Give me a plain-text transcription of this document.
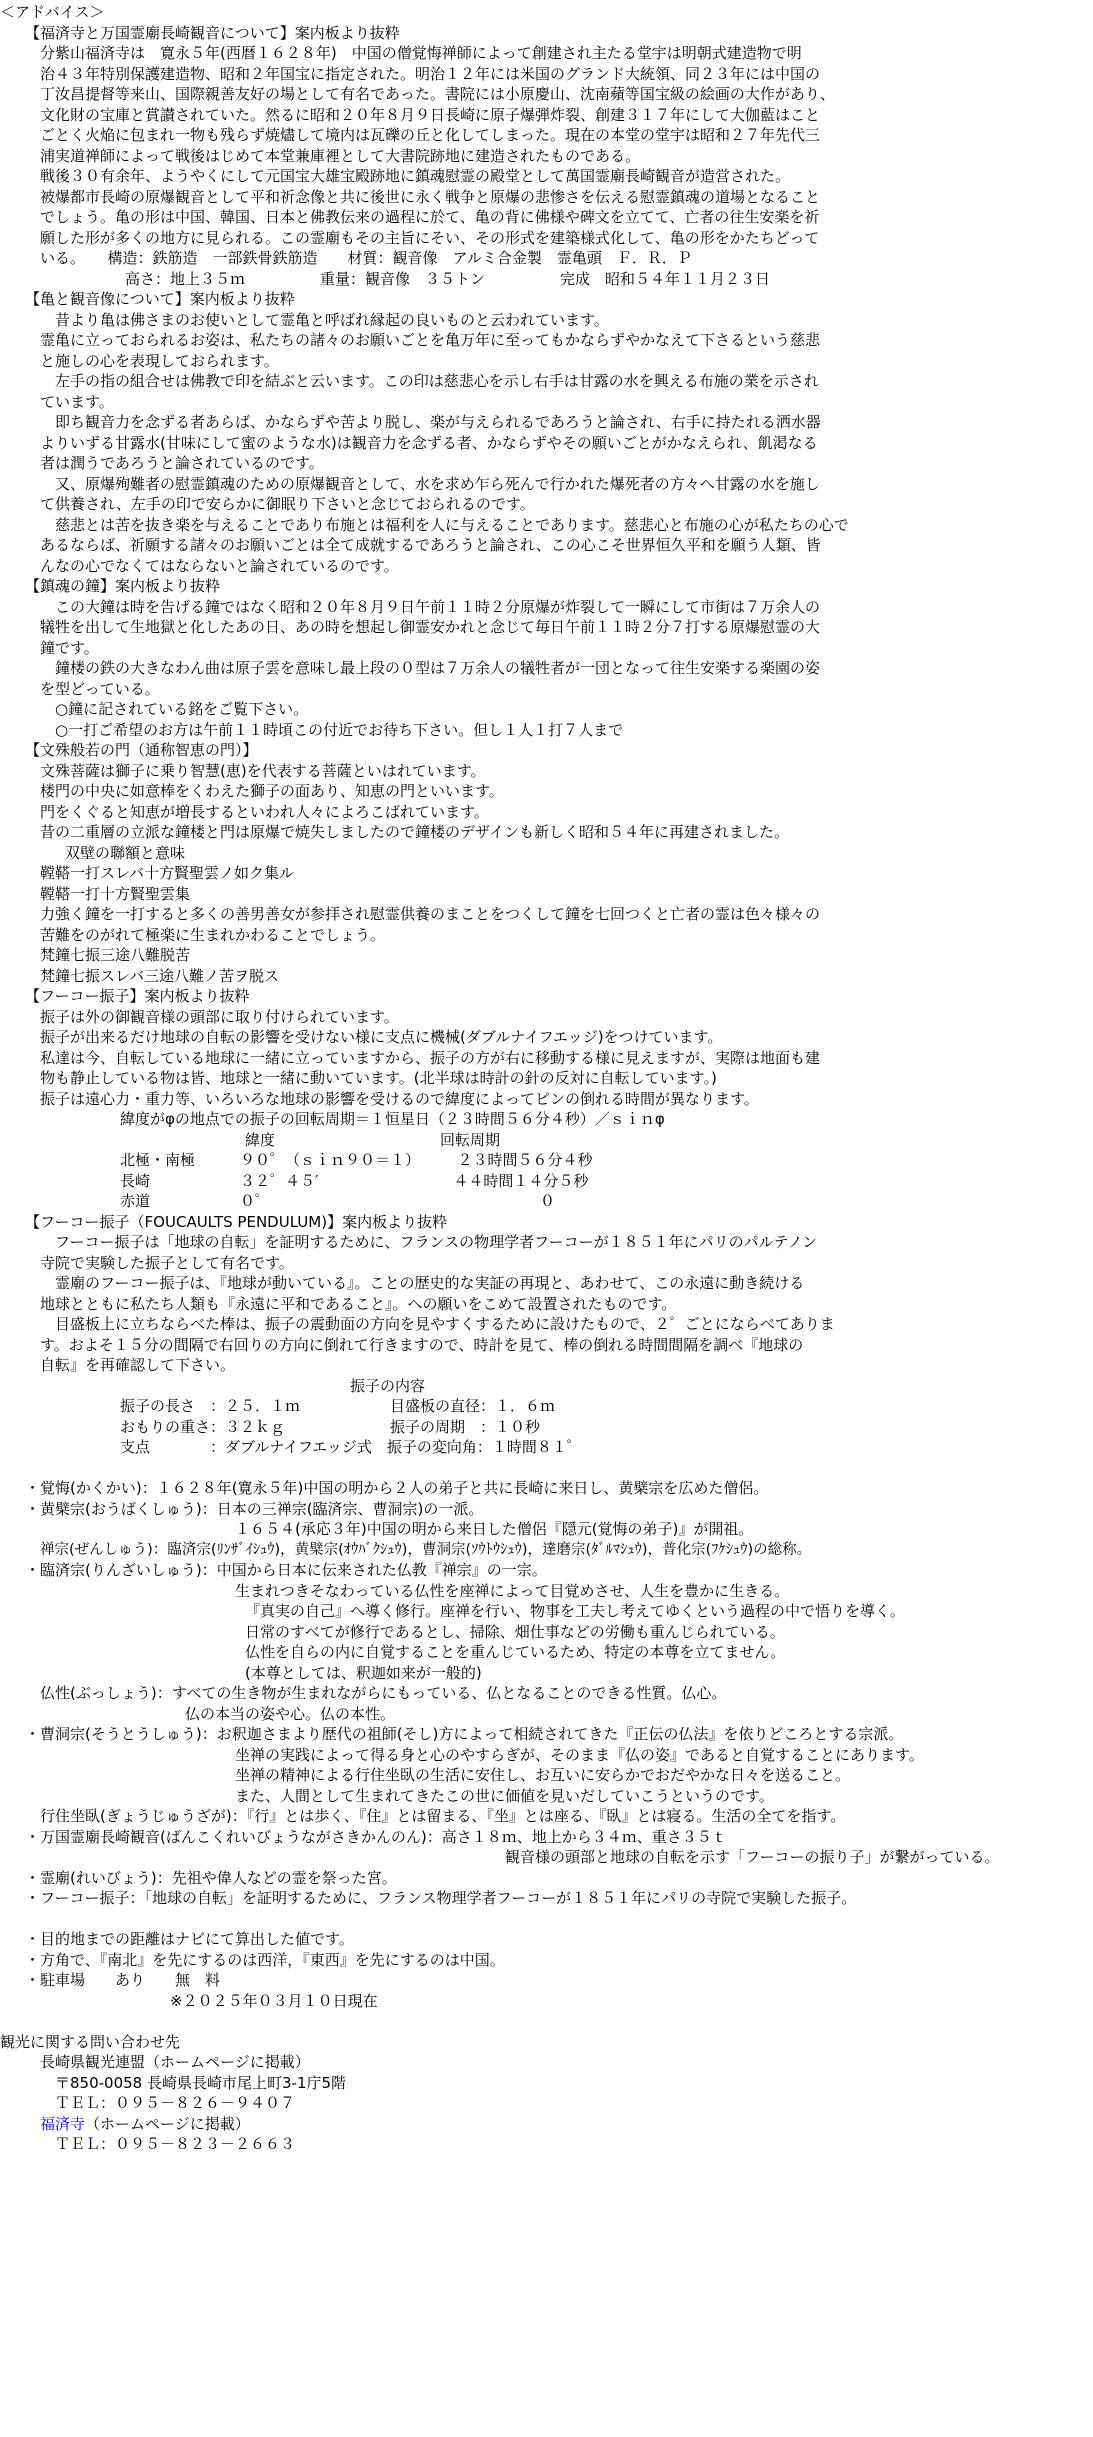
＜アドバイス＞
【福済寺と万国霊廟長崎観音について】案内板より抜粋
分紫山福済寺は　寛永５年(西暦１６２８年)　中国の僧覚悔禅師によって創建され主たる堂宇は明朝式建造物で明
治４３年特別保護建造物、昭和２年国宝に指定された。明治１２年には米国のグランド大統領、同２３年には中国の
丁汝昌提督等来山、国際親善友好の場として有名であった。書院には小原慶山、沈南蘋等国宝級の絵画の大作があり、
文化財の宝庫と賞讃されていた。然るに昭和２０年８月９日長崎に原子爆弾炸裂、創建３１７年にして大伽藍はこと
ごとく火焔に包まれ一物も残らず焼燼して境内は瓦礫の丘と化してしまった。現在の本堂の堂宇は昭和２７年先代三
浦実道禅師によって戦後はじめて本堂兼庫裡として大書院跡地に建造されたものである。
戦後３０有余年、ようやくにして元国宝大雄宝殿跡地に鎮魂慰霊の殿堂として萬国霊廟長崎観音が造営された。
被爆都市長崎の原爆観音として平和祈念像と共に後世に永く戦争と原爆の悲惨さを伝える慰霊鎮魂の道場となること
でしょう。亀の形は中国、韓国、日本と佛教伝来の過程に於て、亀の背に佛様や碑文を立てて、亡者の往生安楽を祈
願した形が多くの地方に見られる。この霊廟もその主旨にそい、その形式を建築様式化して、亀の形をかたちどって
いる。　　構造：鉄筋造　一部鉄骨鉄筋造　　材質：観音像　アルミ合金製　霊亀頭　Ｆ．Ｒ．Ｐ
高さ：地上３５ｍ　　　　　重量：観音像　３５トン　　　　　完成　昭和５４年１１月２３日
【亀と観音像について】案内板より抜粋
昔より亀は佛さまのお使いとして霊亀と呼ばれ縁起の良いものと云われています。
霊亀に立っておられるお姿は、私たちの諸々のお願いごとを亀万年に至ってもかならずやかなえて下さるという慈悲
と施しの心を表現しておられます。
左手の指の組合せは佛教で印を結ぶと云います。この印は慈悲心を示し右手は甘露の水を興える布施の業を示され
ています。
即ち観音力を念ずる者あらば、かならずや苦より脱し、楽が与えられるであろうと論され、右手に持たれる洒水器
よりいずる甘露水(甘味にして蜜のような水)は観音力を念ずる者、かならずやその願いごとがかなえられ、飢渇なる
者は潤うであろうと論されているのです。
又、原爆殉難者の慰霊鎮魂のための原爆観音として、水を求め乍ら死んで行かれた爆死者の方々へ甘露の水を施し
て供養され、左手の印で安らかに御眠り下さいと念じておられるのです。
慈悲とは苦を抜き楽を与えることであり布施とは福利を人に与えることであります。慈悲心と布施の心が私たちの心で
あるならば、祈願する諸々のお願いごとは全て成就するであろうと論され、この心こそ世界恒久平和を願う人類、皆
んなの心でなくてはならないと論されているのです。
【鎮魂の鐘】案内板より抜粋
この大鐘は時を告げる鐘ではなく昭和２０年８月９日午前１１時２分原爆が炸裂して一瞬にして市街は７万余人の
犠牲を出して生地獄と化したあの日、あの時を想起し御霊安かれと念じて毎日午前１１時２分７打する原爆慰霊の大
鐘です。
鐘楼の鉄の大きなわん曲は原子雲を意味し最上段の０型は７万余人の犠牲者が一団となって往生安楽する楽園の姿
を型どっている。
○鐘に記されている銘をご覧下さい。
○一打ご希望のお方は午前１１時頃この付近でお待ち下さい。但し１人１打７人まで
【文殊般若の門（通称智恵の門）】
文殊菩薩は獅子に乗り智慧(恵)を代表する菩薩といはれています。
楼門の中央に如意棒をくわえた獅子の面あり、知恵の門といいます。
門をくぐると知恵が増長するといわれ人々によろこばれています。
昔の二重層の立派な鐘楼と門は原爆で焼失しましたので鐘楼のデザインも新しく昭和５４年に再建されました。
双壁の聯額と意味
鞺鞳一打スレバ十方賢聖雲ノ如ク集ル
鞺鞳一打十方賢聖雲集
力強く鐘を一打すると多くの善男善女が参拝され慰霊供養のまことをつくして鐘を七回つくと亡者の霊は色々様々の
苦難をのがれて極楽に生まれかわることでしょう。
梵鐘七振三途八難脱苦
梵鐘七振スレバ三途八難ノ苦ヲ脱ス
【フーコー振子】案内板より抜粋
振子は外の御観音様の頭部に取り付けられています。
振子が出来るだけ地球の自転の影響を受けない様に支点に機械(ダブルナイフエッジ)をつけています。
私達は今、自転している地球に一緒に立っていますから、振子の方が右に移動する様に見えますが、実際は地面も建
物も静止している物は皆、地球と一緒に動いています。(北半球は時計の針の反対に自転しています。)
振子は遠心力・重力等、いろいろな地球の影響を受けるので緯度によってピンの倒れる時間が異なります。
緯度がφの地点での振子の回転周期＝１恒星日（２３時間５６分４秒）／ｓｉｎφ
緯度　　　　　　　　　　　回転周期
北極・南極　　　９０゜（ｓｉｎ９０＝１）　　　２３時間５６分４秒
長崎　　　　　　３２゜４５′　　　　　　　　　４４時間１４分５秒
赤道　　　　　　０゜　　　　　　　　　　　　　　　　　　０
【フーコー振子（FOUCAULTS PENDULUM)】案内板より抜粋
フーコー振子は「地球の自転」を証明するために、フランスの物理学者フーコーが１８５１年にパリのパルテノン
寺院で実験した振子として有名です。
霊廟のフーコー振子は、『地球が動いている』。ことの歴史的な実証の再現と、あわせて、この永遠に動き続ける
地球とともに私たち人類も『永遠に平和であること』。への願いをこめて設置されたものです。
目盛板上に立ちならべた棒は、振子の震動面の方向を見やすくするために設けたもので、２゜ごとにならべてありま
す。およそ１５分の間隔で右回りの方向に倒れて行きますので、時計を見て、棒の倒れる時間間隔を調べ『地球の
自転』を再確認して下さい。
振子の内容
振子の長さ　：２５．１ｍ　　　　　　目盛板の直径：１．６ｍ
おもりの重さ：３２ｋｇ　　　　　　　振子の周期　：１０秒
支点　　　　：ダブルナイフエッジ式　振子の変向角：１時間８１゜
・覚悔(かくかい)：１６２８年(寛永５年)中国の明から２人の弟子と共に長崎に来日し、黄檗宗を広めた僧侶。
・黄檗宗(おうばくしゅう)：日本の三禅宗(臨済宗、曹洞宗)の一派。
１６５４(承応３年)中国の明から来日した僧侶『隠元(覚悔の弟子)』が開祖。
禅宗(ぜんしゅう)：臨済宗(ﾘﾝｻﾞｲｼｭｳ)，黄檗宗(ｵｳﾊﾞｸｼｭｳ)，曹洞宗(ｿｳﾄｳｼｭｳ)，達磨宗(ﾀﾞﾙﾏｼｭｳ)，普化宗(ﾌｹｼｭｳ)の総称。
・臨済宗(りんざいしゅう)：中国から日本に伝来された仏教『禅宗』の一宗。
生まれつきそなわっている仏性を座禅によって目覚めさせ、人生を豊かに生きる。
『真実の自己』へ導く修行。座禅を行い、物事を工夫し考えてゆくという過程の中で悟りを導く。
日常のすべてが修行であるとし、掃除、畑仕事などの労働も重んじられている。
仏性を自らの内に自覚することを重んじているため、特定の本尊を立てません。
(本尊としては、釈迦如来が一般的)
仏性(ぶっしょう)：すべての生き物が生まれながらにもっている、仏となることのできる性質。仏心。
仏の本当の姿や心。仏の本性。
・曹洞宗(そうとうしゅう)：お釈迦さまより歴代の祖師(そし)方によって相続されてきた『正伝の仏法』を依りどころとする宗派。
坐禅の実践によって得る身と心のやすらぎが、そのまま『仏の姿』であると自覚することにあります。
坐禅の精神による行住坐臥の生活に安住し、お互いに安らかでおだやかな日々を送ること。
また、人間として生まれてきたこの世に価値を見いだしていこうというのです。
行住坐臥(ぎょうじゅうざが)：『行』とは歩く、『住』とは留まる、『坐』とは座る、『臥』とは寝る。生活の全てを指す。
・万国霊廟長崎観音(ばんこくれいびょうながさきかんのん)：高さ１８ｍ、地上から３４ｍ、重さ３５ｔ
観音様の頭部と地球の自転を示す「フーコーの振り子」が繋がっている。
・霊廟(れいびょう)：先祖や偉人などの霊を祭った宮。
・フーコー振子：「地球の自転」を証明するために、フランス物理学者フーコーが１８５１年にパリの寺院で実験した振子。
・目的地までの距離はナビにて算出した値です。
・方角で、『南北』を先にするのは西洋，『東西』を先にするのは中国。
・駐車場　　あり　　無　料
※２０２５年０３月１０日現在
観光に関する問い合わせ先
長崎県観光連盟（ホームページに掲載）
〒850-0058 長崎県長崎市尾上町3-1庁5階
ＴＥＬ：０９５－８２６－９４０７
福済寺（ホームページに掲載）
ＴＥＬ：０９５－８２３－２６６３
